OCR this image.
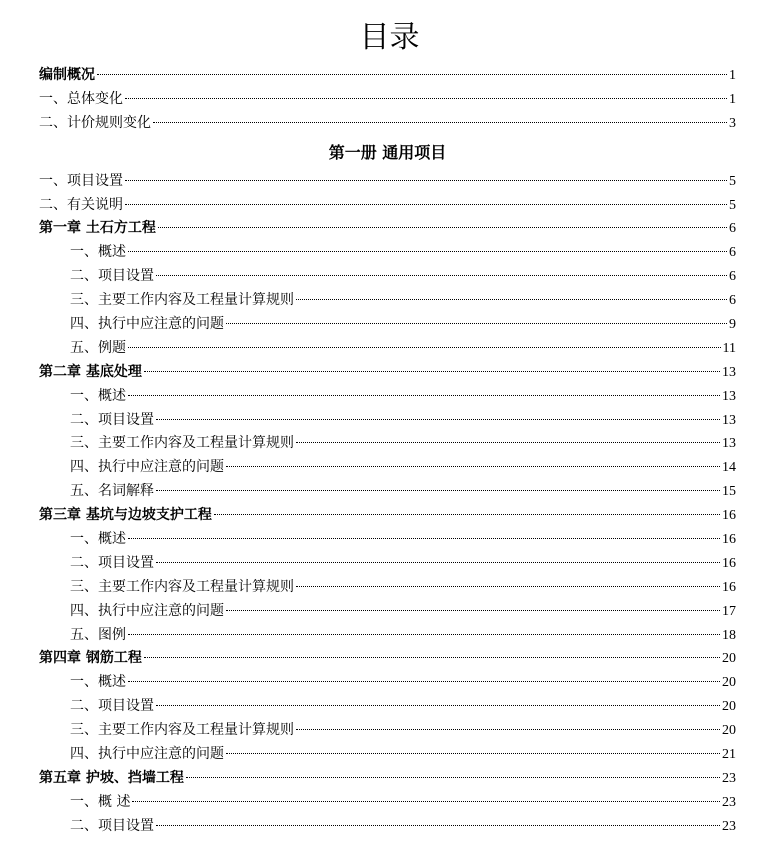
目录
编制概况	1
一、总体变化	1
二、计价规则变化	3
第一册 通用项目
一、项目设置	5
二、有关说明	5
第一章 土石方工程	6
一、概述	6
二、项目设置	6
三、主要工作内容及工程量计算规则	6
四、执行中应注意的问题	9
五、例题	11
第二章 基底处理	13
一、概述	13
二、项目设置	13
三、主要工作内容及工程量计算规则	13
四、执行中应注意的问题	14
五、名词解释	15
第三章 基坑与边坡支护工程	16
一、概述	16
二、项目设置	16
三、主要工作内容及工程量计算规则	16
四、执行中应注意的问题	17
五、图例	18
第四章 钢筋工程	20
一、概述	20
二、项目设置	20
三、主要工作内容及工程量计算规则	20
四、执行中应注意的问题	21
第五章 护坡、挡墙工程	23
一、概 述	23
二、项目设置	23
